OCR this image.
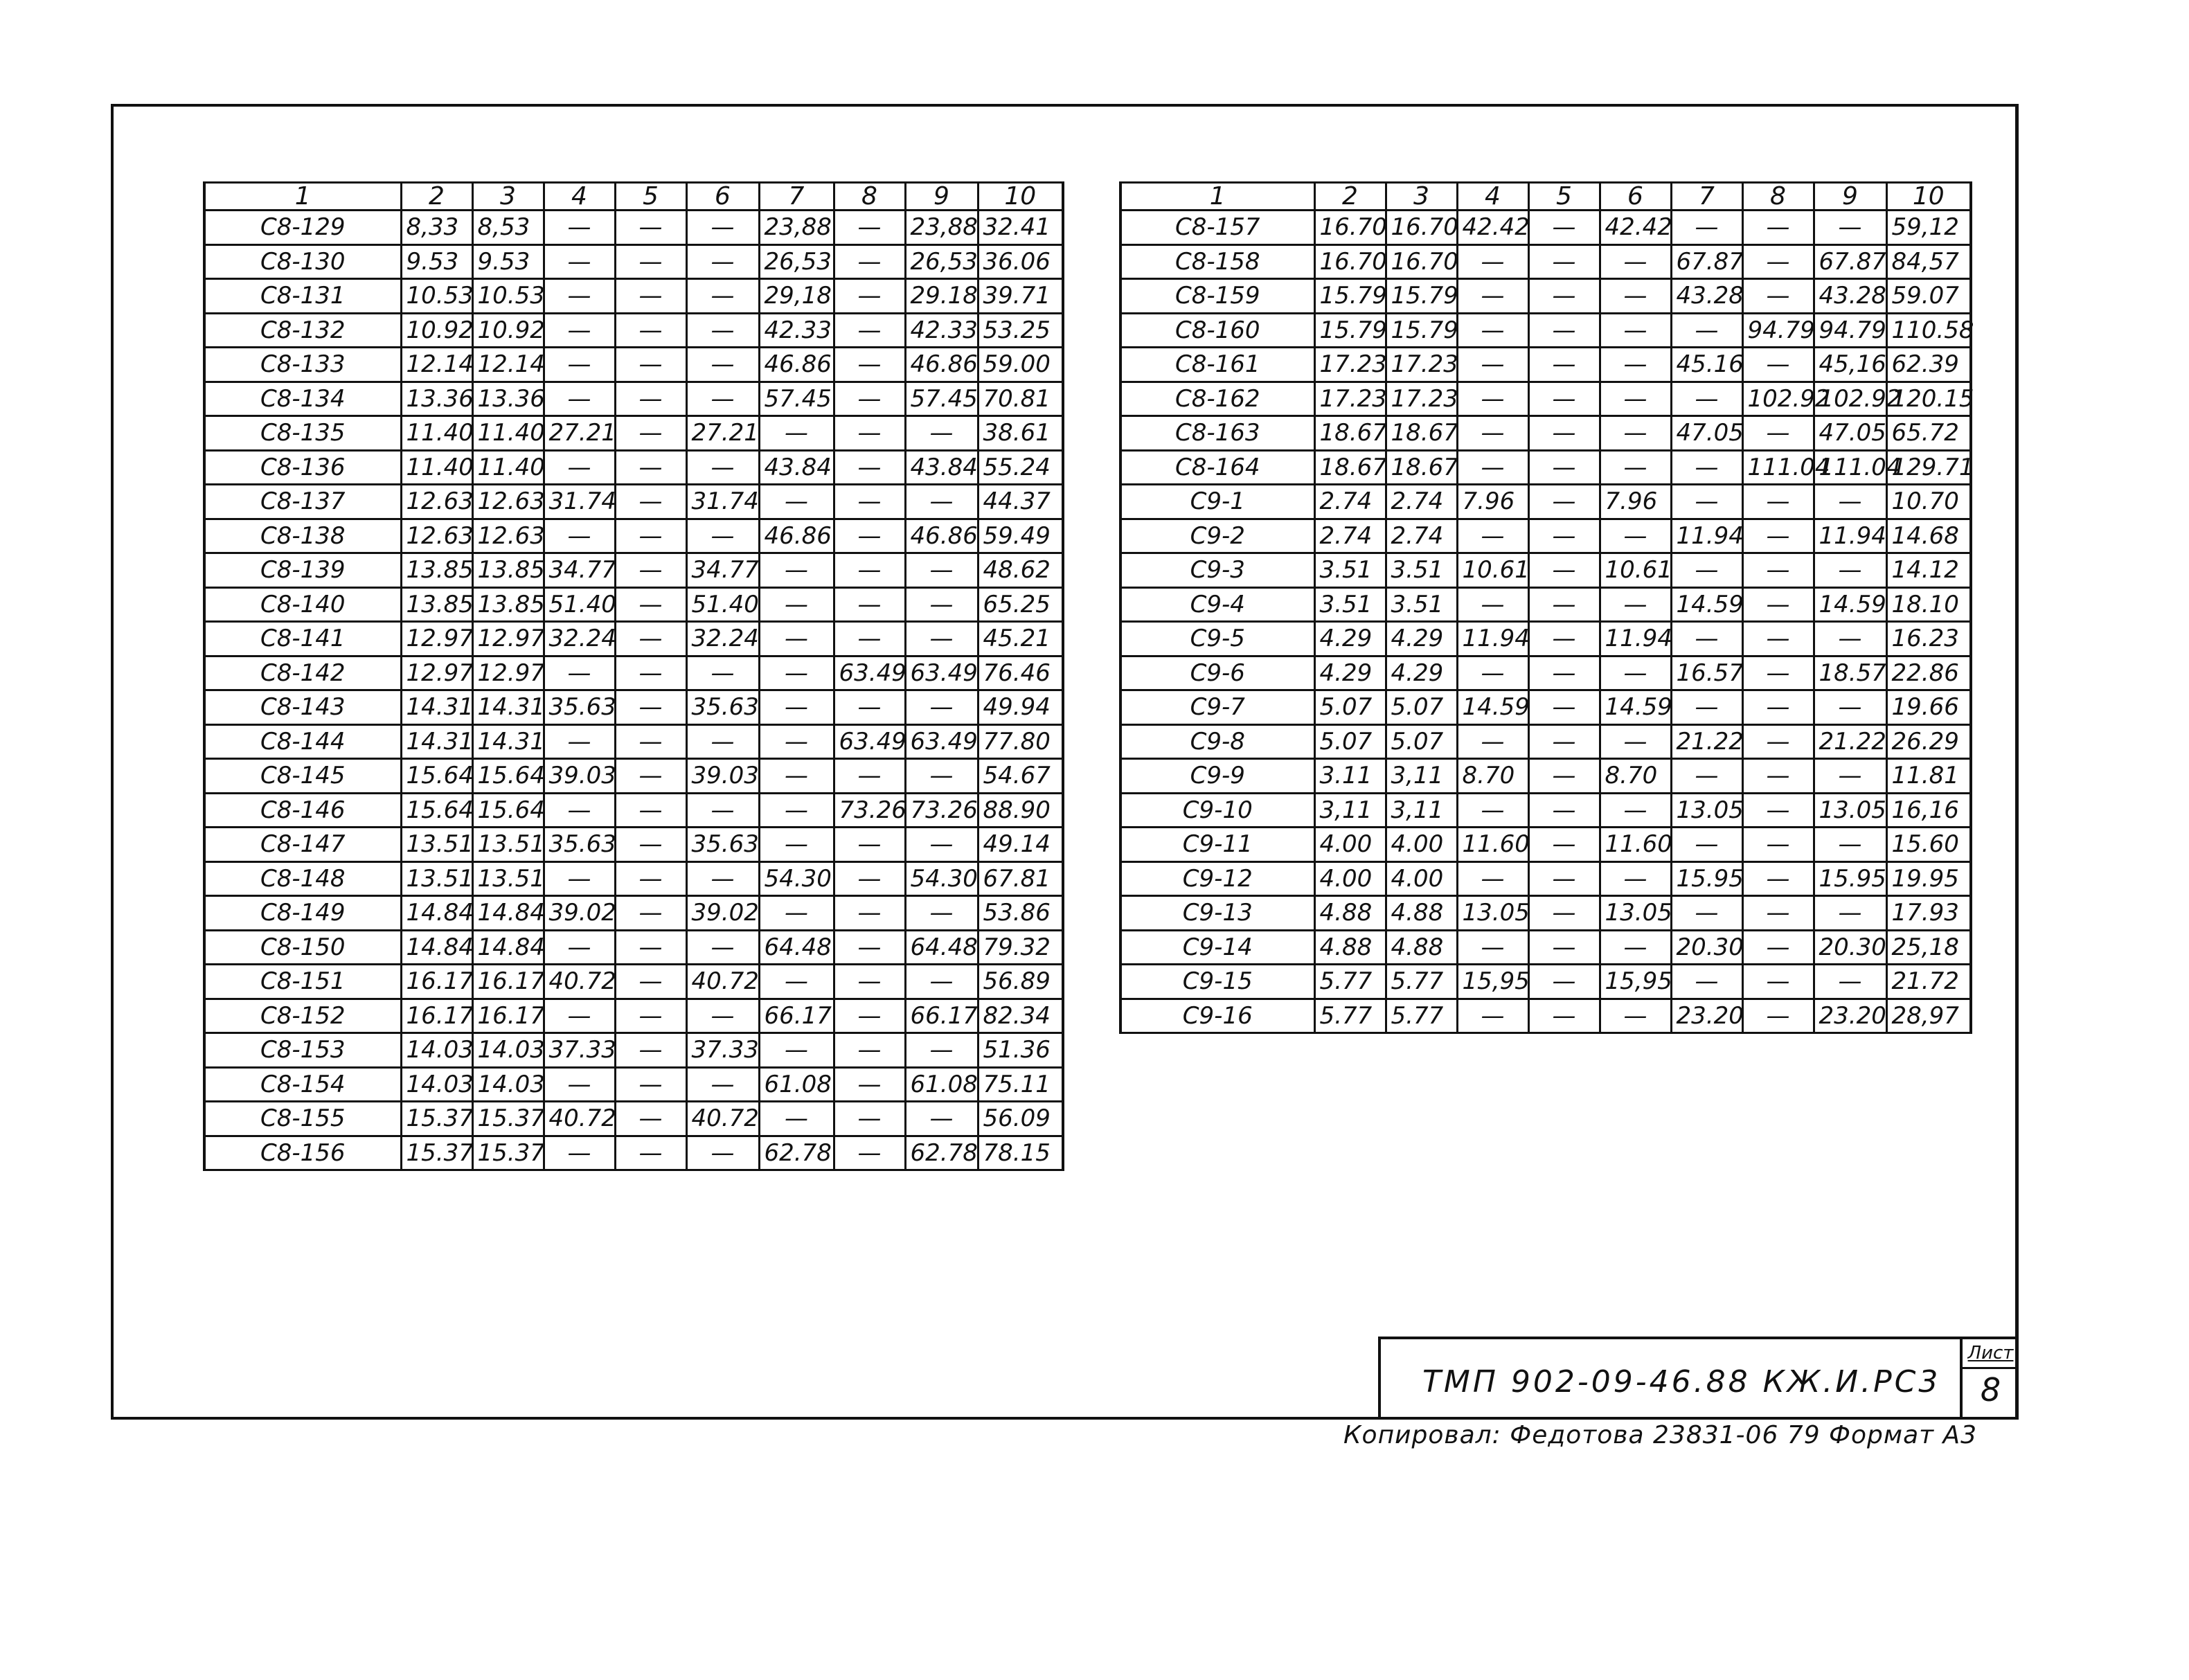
1	2	3	4	5	6	7	8	9	10
С8-129	8,33	8,53	—	—	—	23,88	—	23,88	32.41
С8-130	9.53	9.53	—	—	—	26,53	—	26,53	36.06
С8-131	10.53	10.53	—	—	—	29,18	—	29.18	39.71
С8-132	10.92	10.92	—	—	—	42.33	—	42.33	53.25
С8-133	12.14	12.14	—	—	—	46.86	—	46.86	59.00
С8-134	13.36	13.36	—	—	—	57.45	—	57.45	70.81
С8-135	11.40	11.40	27.21	—	27.21	—	—	—	38.61
С8-136	11.40	11.40	—	—	—	43.84	—	43.84	55.24
С8-137	12.63	12.63	31.74	—	31.74	—	—	—	44.37
С8-138	12.63	12.63	—	—	—	46.86	—	46.86	59.49
С8-139	13.85	13.85	34.77	—	34.77	—	—	—	48.62
С8-140	13.85	13.85	51.40	—	51.40	—	—	—	65.25
С8-141	12.97	12.97	32.24	—	32.24	—	—	—	45.21
С8-142	12.97	12.97	—	—	—	—	63.49	63.49	76.46
С8-143	14.31	14.31	35.63	—	35.63	—	—	—	49.94
С8-144	14.31	14.31	—	—	—	—	63.49	63.49	77.80
С8-145	15.64	15.64	39.03	—	39.03	—	—	—	54.67
С8-146	15.64	15.64	—	—	—	—	73.26	73.26	88.90
С8-147	13.51	13.51	35.63	—	35.63	—	—	—	49.14
С8-148	13.51	13.51	—	—	—	54.30	—	54.30	67.81
С8-149	14.84	14.84	39.02	—	39.02	—	—	—	53.86
С8-150	14.84	14.84	—	—	—	64.48	—	64.48	79.32
С8-151	16.17	16.17	40.72	—	40.72	—	—	—	56.89
С8-152	16.17	16.17	—	—	—	66.17	—	66.17	82.34
С8-153	14.03	14.03	37.33	—	37.33	—	—	—	51.36
С8-154	14.03	14.03	—	—	—	61.08	—	61.08	75.11
С8-155	15.37	15.37	40.72	—	40.72	—	—	—	56.09
С8-156	15.37	15.37	—	—	—	62.78	—	62.78	78.15
1	2	3	4	5	6	7	8	9	10
С8-157	16.70	16.70	42.42	—	42.42	—	—	—	59,12
С8-158	16.70	16.70	—	—	—	67.87	—	67.87	84,57
С8-159	15.79	15.79	—	—	—	43.28	—	43.28	59.07
С8-160	15.79	15.79	—	—	—	—	94.79	94.79	110.58
С8-161	17.23	17.23	—	—	—	45.16	—	45,16	62.39
С8-162	17.23	17.23	—	—	—	—	102.92	102.92	120.15
С8-163	18.67	18.67	—	—	—	47.05	—	47.05	65.72
С8-164	18.67	18.67	—	—	—	—	111.04	111.04	129.71
С9-1	2.74	2.74	7.96	—	7.96	—	—	—	10.70
С9-2	2.74	2.74	—	—	—	11.94	—	11.94	14.68
С9-3	3.51	3.51	10.61	—	10.61	—	—	—	14.12
С9-4	3.51	3.51	—	—	—	14.59	—	14.59	18.10
С9-5	4.29	4.29	11.94	—	11.94	—	—	—	16.23
С9-6	4.29	4.29	—	—	—	16.57	—	18.57	22.86
С9-7	5.07	5.07	14.59	—	14.59	—	—	—	19.66
С9-8	5.07	5.07	—	—	—	21.22	—	21.22	26.29
С9-9	3.11	3,11	8.70	—	8.70	—	—	—	11.81
С9-10	3,11	3,11	—	—	—	13.05	—	13.05	16,16
С9-11	4.00	4.00	11.60	—	11.60	—	—	—	15.60
С9-12	4.00	4.00	—	—	—	15.95	—	15.95	19.95
С9-13	4.88	4.88	13.05	—	13.05	—	—	—	17.93
С9-14	4.88	4.88	—	—	—	20.30	—	20.30	25,18
С9-15	5.77	5.77	15,95	—	15,95	—	—	—	21.72
С9-16	5.77	5.77	—	—	—	23.20	—	23.20	28,97
ТМП 902-09-46.88 КЖ.И.РС3
Лист
8
Копировал: Федотова 23831-06 79 Формат А3
